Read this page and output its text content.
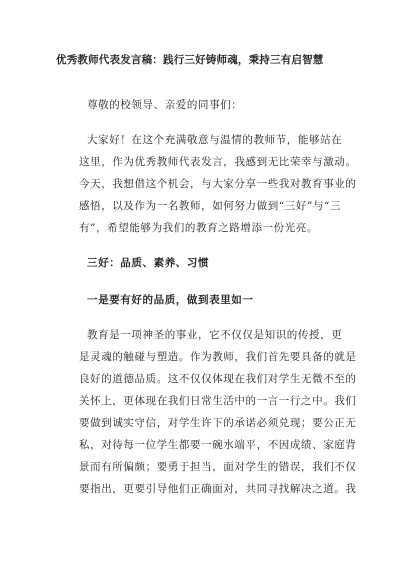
优秀教师代表发言稿：践行三好铸师魂，秉持三有启智慧
尊敬的校领导、亲爱的同事们：
大家好！在这个充满敬意与温情的教师节，能够站在
这里，作为优秀教师代表发言，我感到无比荣幸与激动。
今天，我想借这个机会，与大家分享一些我对教育事业的
感悟，以及作为一名教师，如何努力做到“三好”与“三
有”，希望能够为我们的教育之路增添一份光亮。
三好：品质、素养、习惯
一是要有好的品质，做到表里如一
教育是一项神圣的事业，它不仅仅是知识的传授，更
是灵魂的触碰与塑造。作为教师，我们首先要具备的就是
良好的道德品质。这不仅仅体现在我们对学生无微不至的
关怀上，更体现在我们日常生活中的一言一行之中。我们
要做到诚实守信，对学生许下的承诺必须兑现；要公正无
私，对待每一位学生都要一碗水端平，不因成绩、家庭背
景而有所偏颇；要勇于担当，面对学生的错误，我们不仅
要指出，更要引导他们正确面对，共同寻找解决之道。我
